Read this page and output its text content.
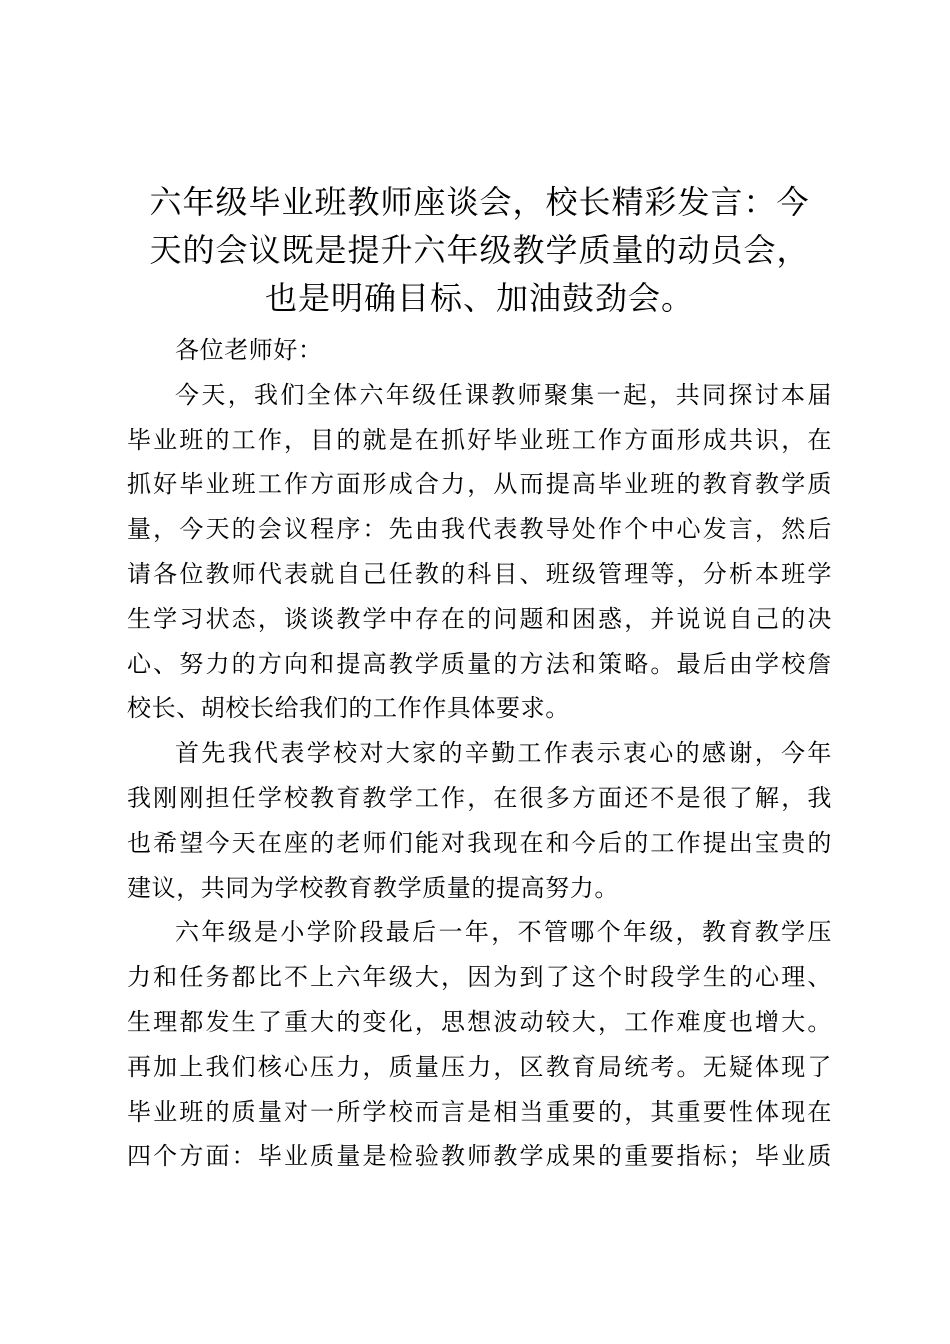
六年级毕业班教师座谈会，校长精彩发言：今
天的会议既是提升六年级教学质量的动员会，
也是明确目标、加油鼓劲会。

各位老师好：

今天，我们全体六年级任课教师聚集一起，共同探讨本届
毕业班的工作，目的就是在抓好毕业班工作方面形成共识，在
抓好毕业班工作方面形成合力，从而提高毕业班的教育教学质
量，今天的会议程序：先由我代表教导处作个中心发言，然后
请各位教师代表就自己任教的科目、班级管理等，分析本班学
生学习状态，谈谈教学中存在的问题和困惑，并说说自己的决
心、努力的方向和提高教学质量的方法和策略。最后由学校詹
校长、胡校长给我们的工作作具体要求。

首先我代表学校对大家的辛勤工作表示衷心的感谢，今年
我刚刚担任学校教育教学工作，在很多方面还不是很了解，我
也希望今天在座的老师们能对我现在和今后的工作提出宝贵的
建议，共同为学校教育教学质量的提高努力。

六年级是小学阶段最后一年，不管哪个年级，教育教学压
力和任务都比不上六年级大，因为到了这个时段学生的心理、
生理都发生了重大的变化，思想波动较大，工作难度也增大。
再加上我们核心压力，质量压力，区教育局统考。无疑体现了
毕业班的质量对一所学校而言是相当重要的，其重要性体现在
四个方面：毕业质量是检验教师教学成果的重要指标；毕业质
